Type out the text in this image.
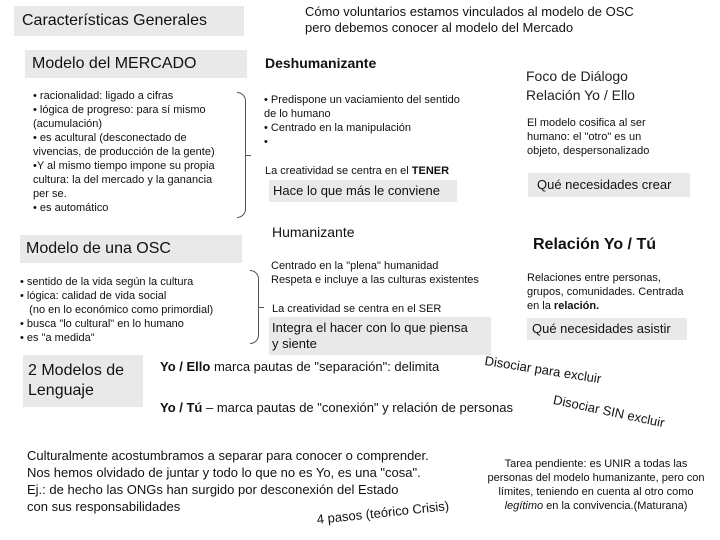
Características Generales
Modelo del MERCADO
• racionalidad: ligado a cifras
• lógica de progreso: para sí mismo
(acumulación)
• es acultural (desconectado de
vivencias, de producción de la gente)
•Y al mismo tiempo impone su propia
cultura: la del mercado y la ganancia
per se.
• es automático
Modelo de una OSC
• sentido de la vida según la cultura
• lógica: calidad de vida social
(no en lo económico como primordial)
• busca "lo cultural" en lo humano
• es "a medida"
2 Modelos de
Lenguaje
Cómo voluntarios estamos vinculados al modelo de OSC
pero debemos conocer al modelo del Mercado
Deshumanizante
• Predispone un vaciamiento del sentido
de lo humano
• Centrado en la manipulación
•
La creatividad se centra en el TENER
Hace lo que más le conviene
Foco de Diálogo
Relación Yo / Ello
El modelo cosifica al ser
humano: el "otro" es un
objeto, despersonalizado
Qué necesidades crear
Humanizante
Centrado en la "plena" humanidad
Respeta e incluye a las culturas existentes
La creatividad se centra en el SER
Integra el hacer con lo que piensa
y siente
Relación Yo / Tú
Relaciones entre personas,
grupos, comunidades. Centrada
en la relación.
Qué necesidades asistir
Yo / Ello marca pautas de "separación": delimita
Yo / Tú – marca pautas de "conexión" y relación de personas
Disociar para excluir
Disociar SIN excluir
Culturalmente acostumbramos a separar para conocer o comprender.
Nos hemos olvidado de juntar y todo lo que no es Yo, es una "cosa".
Ej.: de hecho las ONGs han surgido por desconexión del Estado
con sus responsabilidades	4 pasos (teórico Crisis)
Tarea pendiente: es UNIR a todas las
personas del modelo humanizante, pero con
límites, teniendo en cuenta al otro como
legítimo en la convivencia.(Maturana)
